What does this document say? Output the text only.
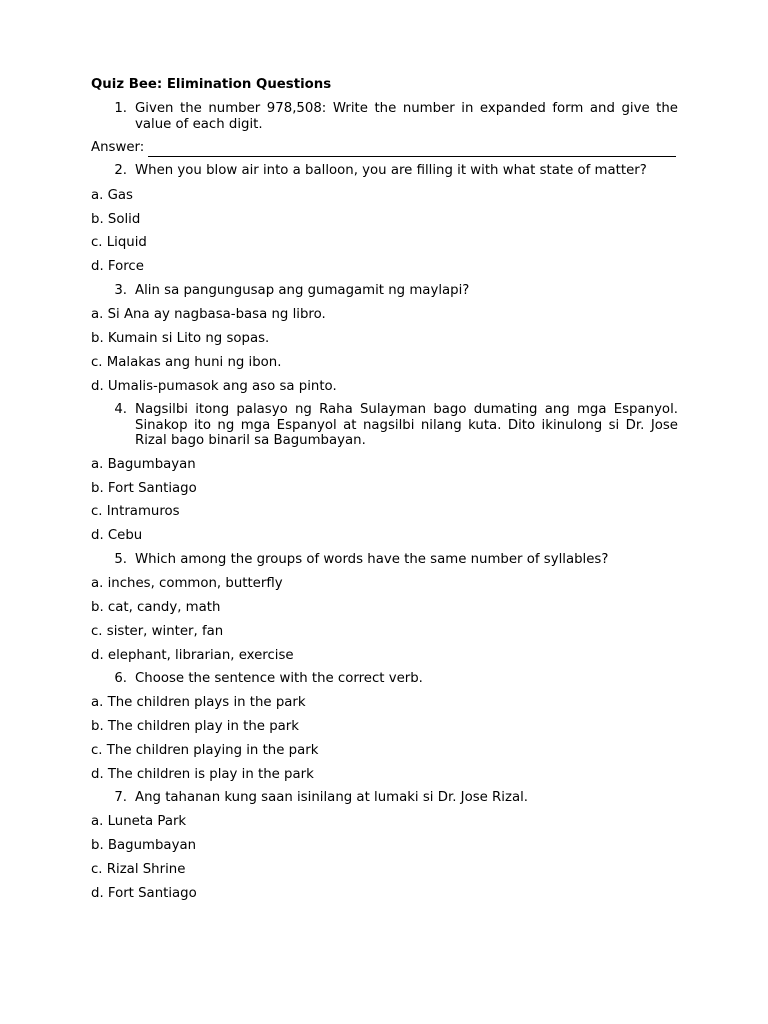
Quiz Bee: Elimination Questions
1. Given the number 978,508: Write the number in expanded form and give the value of each digit.
Answer:
2. When you blow air into a balloon, you are filling it with what state of matter?
a. Gas
b. Solid
c. Liquid
d. Force
3. Alin sa pangungusap ang gumagamit ng maylapi?
a. Si Ana ay nagbasa-basa ng libro.
b. Kumain si Lito ng sopas.
c. Malakas ang huni ng ibon.
d. Umalis-pumasok ang aso sa pinto.
4. Nagsilbi itong palasyo ng Raha Sulayman bago dumating ang mga Espanyol. Sinakop ito ng mga Espanyol at nagsilbi nilang kuta. Dito ikinulong si Dr. Jose Rizal bago binaril sa Bagumbayan.
a. Bagumbayan
b. Fort Santiago
c. Intramuros
d. Cebu
5. Which among the groups of words have the same number of syllables?
a. inches, common, butterfly
b. cat, candy, math
c. sister, winter, fan
d. elephant, librarian, exercise
6. Choose the sentence with the correct verb.
a. The children plays in the park
b. The children play in the park
c. The children playing in the park
d. The children is play in the park
7. Ang tahanan kung saan isinilang at lumaki si Dr. Jose Rizal.
a. Luneta Park
b. Bagumbayan
c. Rizal Shrine
d. Fort Santiago
